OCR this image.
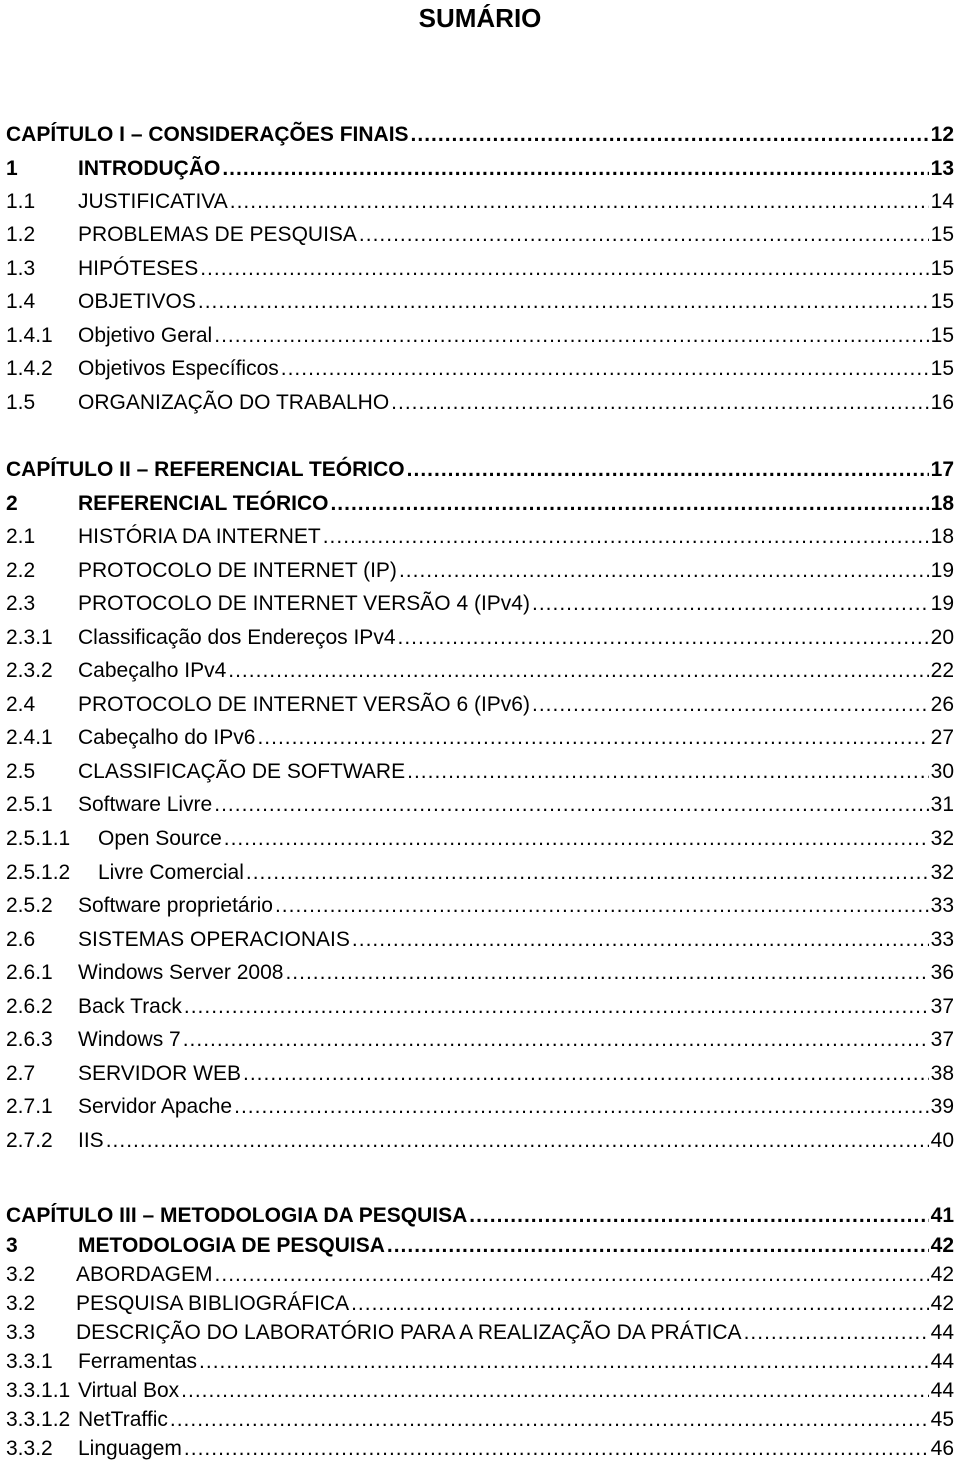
SUMÁRIO
CAPÍTULO I – CONSIDERAÇÕES FINAIS .....	12
1	INTRODUÇÃO .....	13
1.1	JUSTIFICATIVA .....	14
1.2	PROBLEMAS DE PESQUISA .....	15
1.3	HIPÓTESES .....	15
1.4	OBJETIVOS .....	15
1.4.1	Objetivo Geral .....	15
1.4.2	Objetivos Específicos .....	15
1.5	ORGANIZAÇÃO DO TRABALHO .....	16
CAPÍTULO II – REFERENCIAL TEÓRICO .....	17
2	REFERENCIAL TEÓRICO .....	18
2.1	HISTÓRIA DA INTERNET .....	18
2.2	PROTOCOLO DE INTERNET (IP) .....	19
2.3	PROTOCOLO DE INTERNET VERSÃO 4 (IPv4) .....	19
2.3.1	Classificação dos Endereços IPv4 .....	20
2.3.2	Cabeçalho IPv4 .....	22
2.4	PROTOCOLO DE INTERNET VERSÃO 6 (IPv6) .....	26
2.4.1	Cabeçalho do IPv6 .....	27
2.5	CLASSIFICAÇÃO DE SOFTWARE .....	30
2.5.1	Software Livre .....	31
2.5.1.1	Open Source .....	32
2.5.1.2	Livre Comercial .....	32
2.5.2	Software proprietário .....	33
2.6	SISTEMAS OPERACIONAIS .....	33
2.6.1	Windows Server 2008 .....	36
2.6.2	Back Track .....	37
2.6.3	Windows 7 .....	37
2.7	SERVIDOR WEB .....	38
2.7.1	Servidor Apache .....	39
2.7.2	IIS .....	40
CAPÍTULO III – METODOLOGIA DA PESQUISA .....	41
3	METODOLOGIA DE PESQUISA .....	42
3.2	ABORDAGEM .....	42
3.2	PESQUISA BIBLIOGRÁFICA .....	42
3.3	DESCRIÇÃO DO LABORATÓRIO PARA A REALIZAÇÃO DA PRÁTICA .....	44
3.3.1	Ferramentas .....	44
3.3.1.1 Virtual Box .....	44
3.3.1.2 NetTraffic .....	45
3.3.2	Linguagem .....	46
